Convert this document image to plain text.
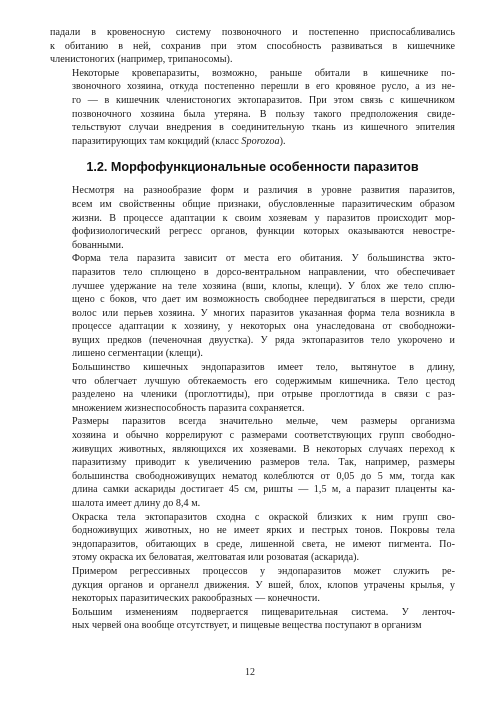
падали в кровеносную систему позвоночного и постепенно приспосабливались
к обитанию в ней, сохранив при этом способность развиваться в кишечнике
членистоногих (например, трипаносомы).

Некоторые кровепаразиты, возможно, раньше обитали в кишечнике по-
звоночного хозяина, откуда постепенно перешли в его кровяное русло, а из не-
го — в кишечник членистоногих эктопаразитов. При этом связь с кишечником
позвоночного хозяина была утеряна. В пользу такого предположения свиде-
тельствуют случаи внедрения в соединительную ткань из кишечного эпителия
паразитирующих там кокцидий (класс Sporozoa).

1.2. Морфофункциональные особенности паразитов

Несмотря на разнообразие форм и различия в уровне развития паразитов,
всем им свойственны общие признаки, обусловленные паразитическим образом
жизни. В процессе адаптации к своим хозяевам у паразитов происходит мор-
фофизиологический регресс органов, функции которых оказываются невостре-
бованными.

Форма тела паразита зависит от места его обитания. У большинства экто-
паразитов тело сплющено в дорсо-вентральном направлении, что обеспечивает
лучшее удержание на теле хозяина (вши, клопы, клещи). У блох же тело сплю-
щено с боков, что дает им возможность свободнее передвигаться в шерсти, среди
волос или перьев хозяина. У многих паразитов указанная форма тела возникла в
процессе адаптации к хозяину, у некоторых она унаследована от свободножи-
вущих предков (печеночная двуустка). У ряда эктопаразитов тело укорочено и
лишено сегментации (клещи).

Большинство кишечных эндопаразитов имеет тело, вытянутое в длину,
что облегчает лучшую обтекаемость его содержимым кишечника. Тело цестод
разделено на членики (проглоттиды), при отрыве проглоттида в связи с раз-
множением жизнеспособность паразита сохраняется.

Размеры паразитов всегда значительно мельче, чем размеры организма
хозяина и обычно коррелируют с размерами соответствующих групп свободно-
живущих животных, являющихся их хозяевами. В некоторых случаях переход к
паразитизму приводит к увеличению размеров тела. Так, например, размеры
большинства свободноживущих нематод колеблются от 0,05 до 5 мм, тогда как
длина самки аскариды достигает 45 см, ришты — 1,5 м, а паразит плаценты ка-
шалота имеет длину до 8,4 м.

Окраска тела эктопаразитов сходна с окраской близких к ним групп сво-
бодноживущих животных, но не имеет ярких и пестрых тонов. Покровы тела
эндопаразитов, обитающих в среде, лишенной света, не имеют пигмента. По-
этому окраска их беловатая, желтоватая или розоватая (аскарида).

Примером регрессивных процессов у эндопаразитов может служить ре-
дукция органов и органелл движения. У вшей, блох, клопов утрачены крылья, у
некоторых паразитических ракообразных — конечности.

Большим изменениям подвергается пищеварительная система. У ленточ-
ных червей она вообще отсутствует, и пищевые вещества поступают в организм

12
